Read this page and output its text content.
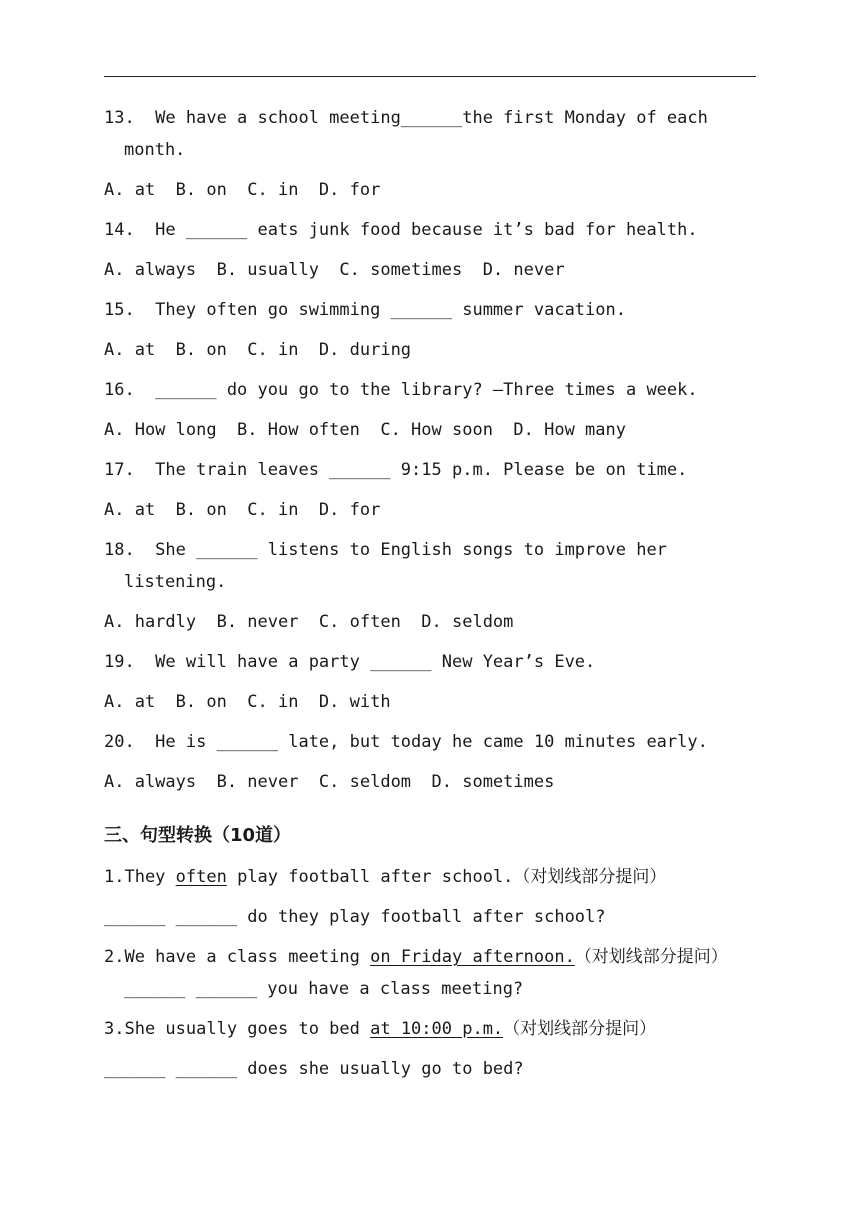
13.  We have a school meeting______the first Monday of each
month.
A. at  B. on  C. in  D. for
14.  He ______ eats junk food because it’s bad for health.
A. always  B. usually  C. sometimes  D. never
15.  They often go swimming ______ summer vacation.
A. at  B. on  C. in  D. during
16.  ______ do you go to the library? —Three times a week.
A. How long  B. How often  C. How soon  D. How many
17.  The train leaves ______ 9:15 p.m. Please be on time.
A. at  B. on  C. in  D. for
18.  She ______ listens to English songs to improve her
listening.
A. hardly  B. never  C. often  D. seldom
19.  We will have a party ______ New Year’s Eve.
A. at  B. on  C. in  D. with
20.  He is ______ late, but today he came 10 minutes early.
A. always  B. never  C. seldom  D. sometimes
三、句型转换（10道）
1.They often play football after school.（对划线部分提问）
______ ______ do they play football after school?
2.We have a class meeting on Friday afternoon.（对划线部分提问）
______ ______ you have a class meeting?
3.She usually goes to bed at 10:00 p.m.（对划线部分提问）
______ ______ does she usually go to bed?
